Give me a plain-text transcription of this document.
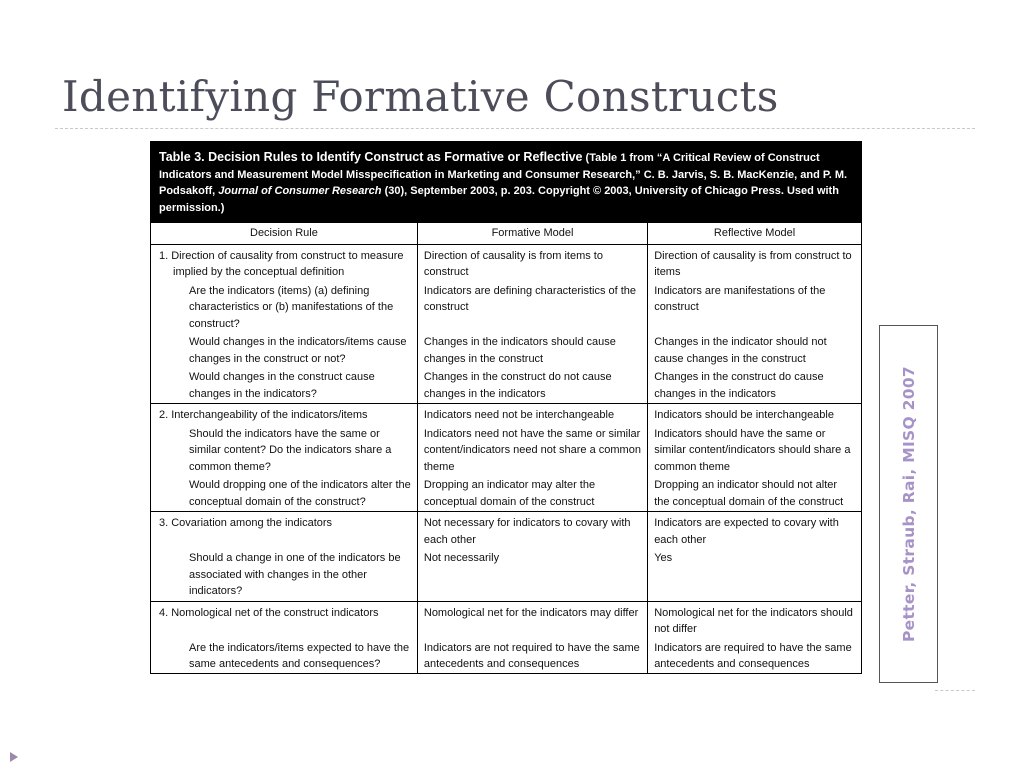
Identifying Formative Constructs
Table 3. Decision Rules to Identify Construct as Formative or Reflective (Table 1 from “A Critical Review of Construct Indicators and Measurement Model Misspecification in Marketing and Consumer Research,” C. B. Jarvis, S. B. MacKenzie, and P. M. Podsakoff, Journal of Consumer Research (30), September 2003, p. 203. Copyright © 2003, University of Chicago Press. Used with permission.)
Decision Rule	Formative Model	Reflective Model
1. Direction of causality from construct to measure implied by the conceptual definition	Direction of causality is from items to construct	Direction of causality is from construct to items
Are the indicators (items) (a) defining characteristics or (b) manifestations of the construct?	Indicators are defining characteristics of the construct	Indicators are manifestations of the construct
Would changes in the indicators/items cause changes in the construct or not?	Changes in the indicators should cause changes in the construct	Changes in the indicator should not cause changes in the construct
Would changes in the construct cause changes in the indicators?	Changes in the construct do not cause changes in the indicators	Changes in the construct do cause changes in the indicators
2. Interchangeability of the indicators/items	Indicators need not be interchangeable	Indicators should be interchangeable
Should the indicators have the same or similar content? Do the indicators share a common theme?	Indicators need not have the same or similar content/indicators need not share a common theme	Indicators should have the same or similar content/indicators should share a common theme
Would dropping one of the indicators alter the conceptual domain of the construct?	Dropping an indicator may alter the conceptual domain of the construct	Dropping an indicator should not alter the conceptual domain of the construct
3. Covariation among the indicators	Not necessary for indicators to covary with each other	Indicators are expected to covary with each other
Should a change in one of the indicators be associated with changes in the other indicators?	Not necessarily	Yes
4. Nomological net of the construct indicators	Nomological net for the indicators may differ	Nomological net for the indicators should not differ
Are the indicators/items expected to have the same antecedents and consequences?	Indicators are not required to have the same antecedents and consequences	Indicators are required to have the same antecedents and consequences
Petter, Straub, Rai, MISQ 2007
